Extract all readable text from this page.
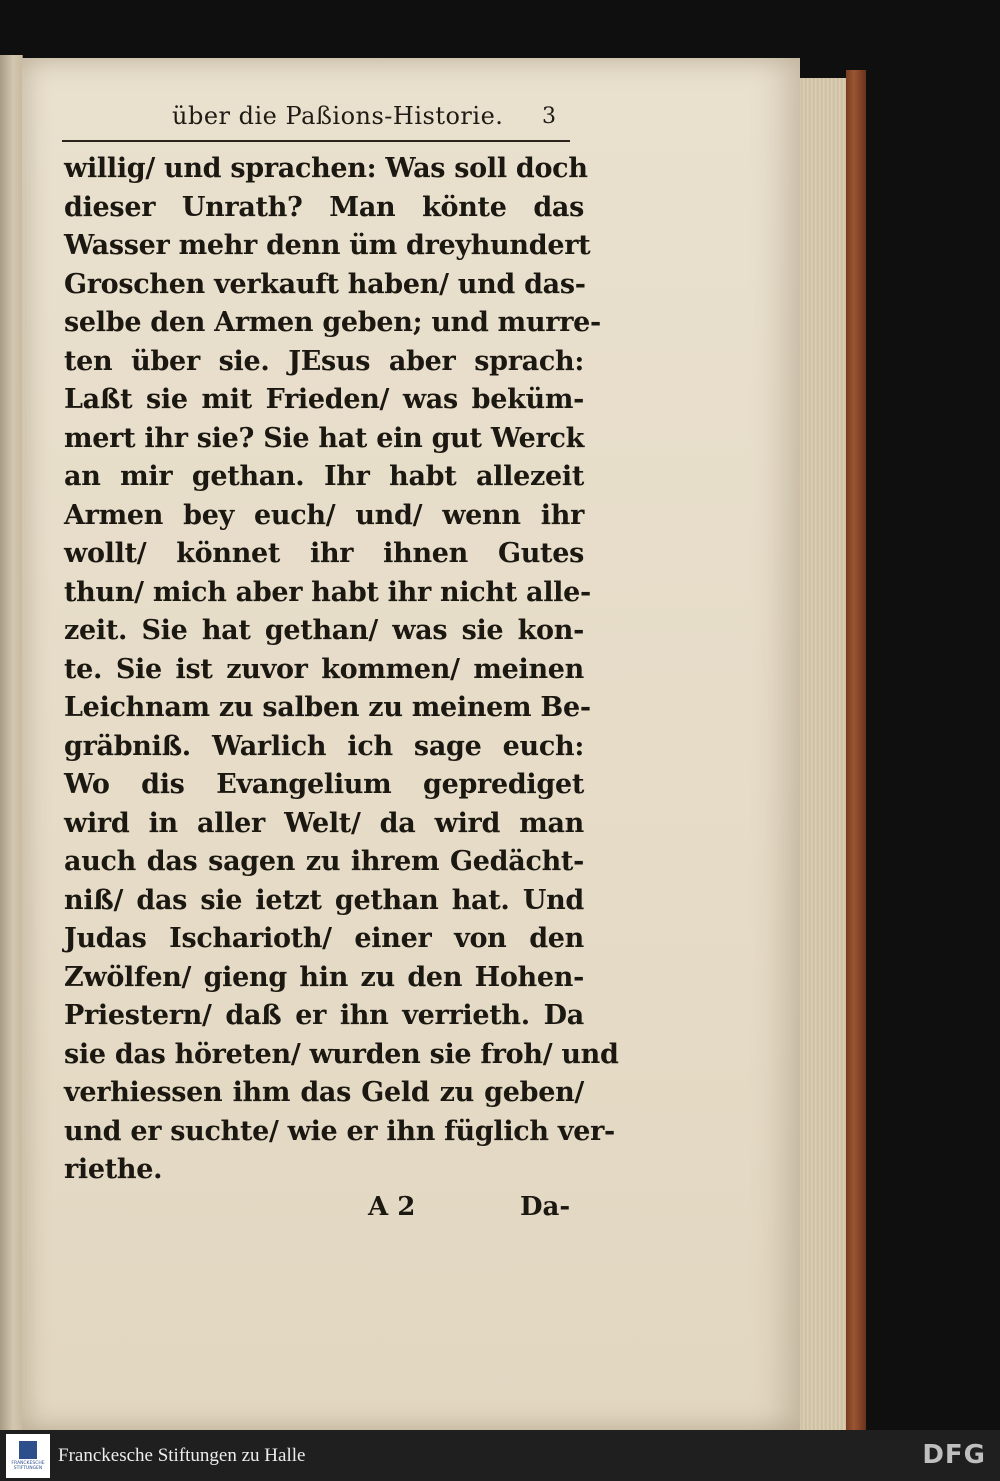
über die Paßions-Historie. 3
willig/ und sprachen: Was soll doch
dieser Unrath? Man könte das
Wasser mehr denn üm dreyhundert
Groschen verkauft haben/ und das-
selbe den Armen geben; und murre-
ten über sie. JEsus aber sprach:
Laßt sie mit Frieden/ was beküm-
mert ihr sie? Sie hat ein gut Werck
an mir gethan. Ihr habt allezeit
Armen bey euch/ und/ wenn ihr
wollt/ könnet ihr ihnen Gutes
thun/ mich aber habt ihr nicht alle-
zeit. Sie hat gethan/ was sie kon-
te. Sie ist zuvor kommen/ meinen
Leichnam zu salben zu meinem Be-
gräbniß. Warlich ich sage euch:
Wo dis Evangelium geprediget
wird in aller Welt/ da wird man
auch das sagen zu ihrem Gedächt-
niß/ das sie ietzt gethan hat. Und
Judas Ischarioth/ einer von den
Zwölfen/ gieng hin zu den Hohen-
Priestern/ daß er ihn verrieth. Da
sie das höreten/ wurden sie froh/ und
verhiessen ihm das Geld zu geben/
und er suchte/ wie er ihn füglich ver-
riethe.
A 2	Da-
FRANCKESCHE STIFTUNGEN
Franckesche Stiftungen zu Halle	DFG
